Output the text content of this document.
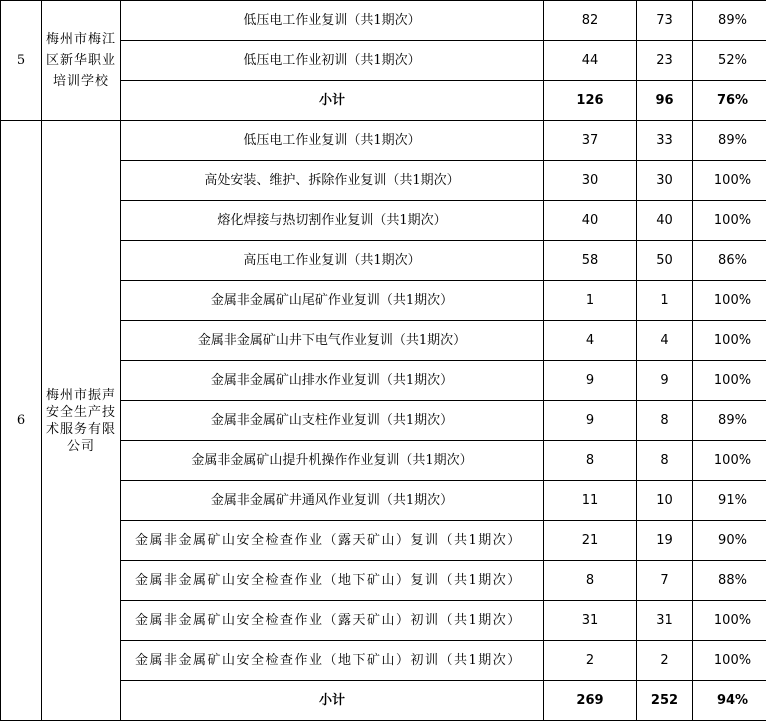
5	梅州市梅江区新华职业培训学校	低压电工作业复训（共1期次）	82	73	89%
		低压电工作业初训（共1期次）	44	23	52%
		小计	126	96	76%
6	梅州市振声安全生产技术服务有限公司	低压电工作业复训（共1期次）	37	33	89%
		高处安装、维护、拆除作业复训（共1期次）	30	30	100%
		熔化焊接与热切割作业复训（共1期次）	40	40	100%
		高压电工作业复训（共1期次）	58	50	86%
		金属非金属矿山尾矿作业复训（共1期次）	1	1	100%
		金属非金属矿山井下电气作业复训（共1期次）	4	4	100%
		金属非金属矿山排水作业复训（共1期次）	9	9	100%
		金属非金属矿山支柱作业复训（共1期次）	9	8	89%
		金属非金属矿山提升机操作作业复训（共1期次）	8	8	100%
		金属非金属矿井通风作业复训（共1期次）	11	10	91%
		金属非金属矿山安全检查作业（露天矿山）复训（共1期次）	21	19	90%
		金属非金属矿山安全检查作业（地下矿山）复训（共1期次）	8	7	88%
		金属非金属矿山安全检查作业（露天矿山）初训（共1期次）	31	31	100%
		金属非金属矿山安全检查作业（地下矿山）初训（共1期次）	2	2	100%
		小计	269	252	94%
